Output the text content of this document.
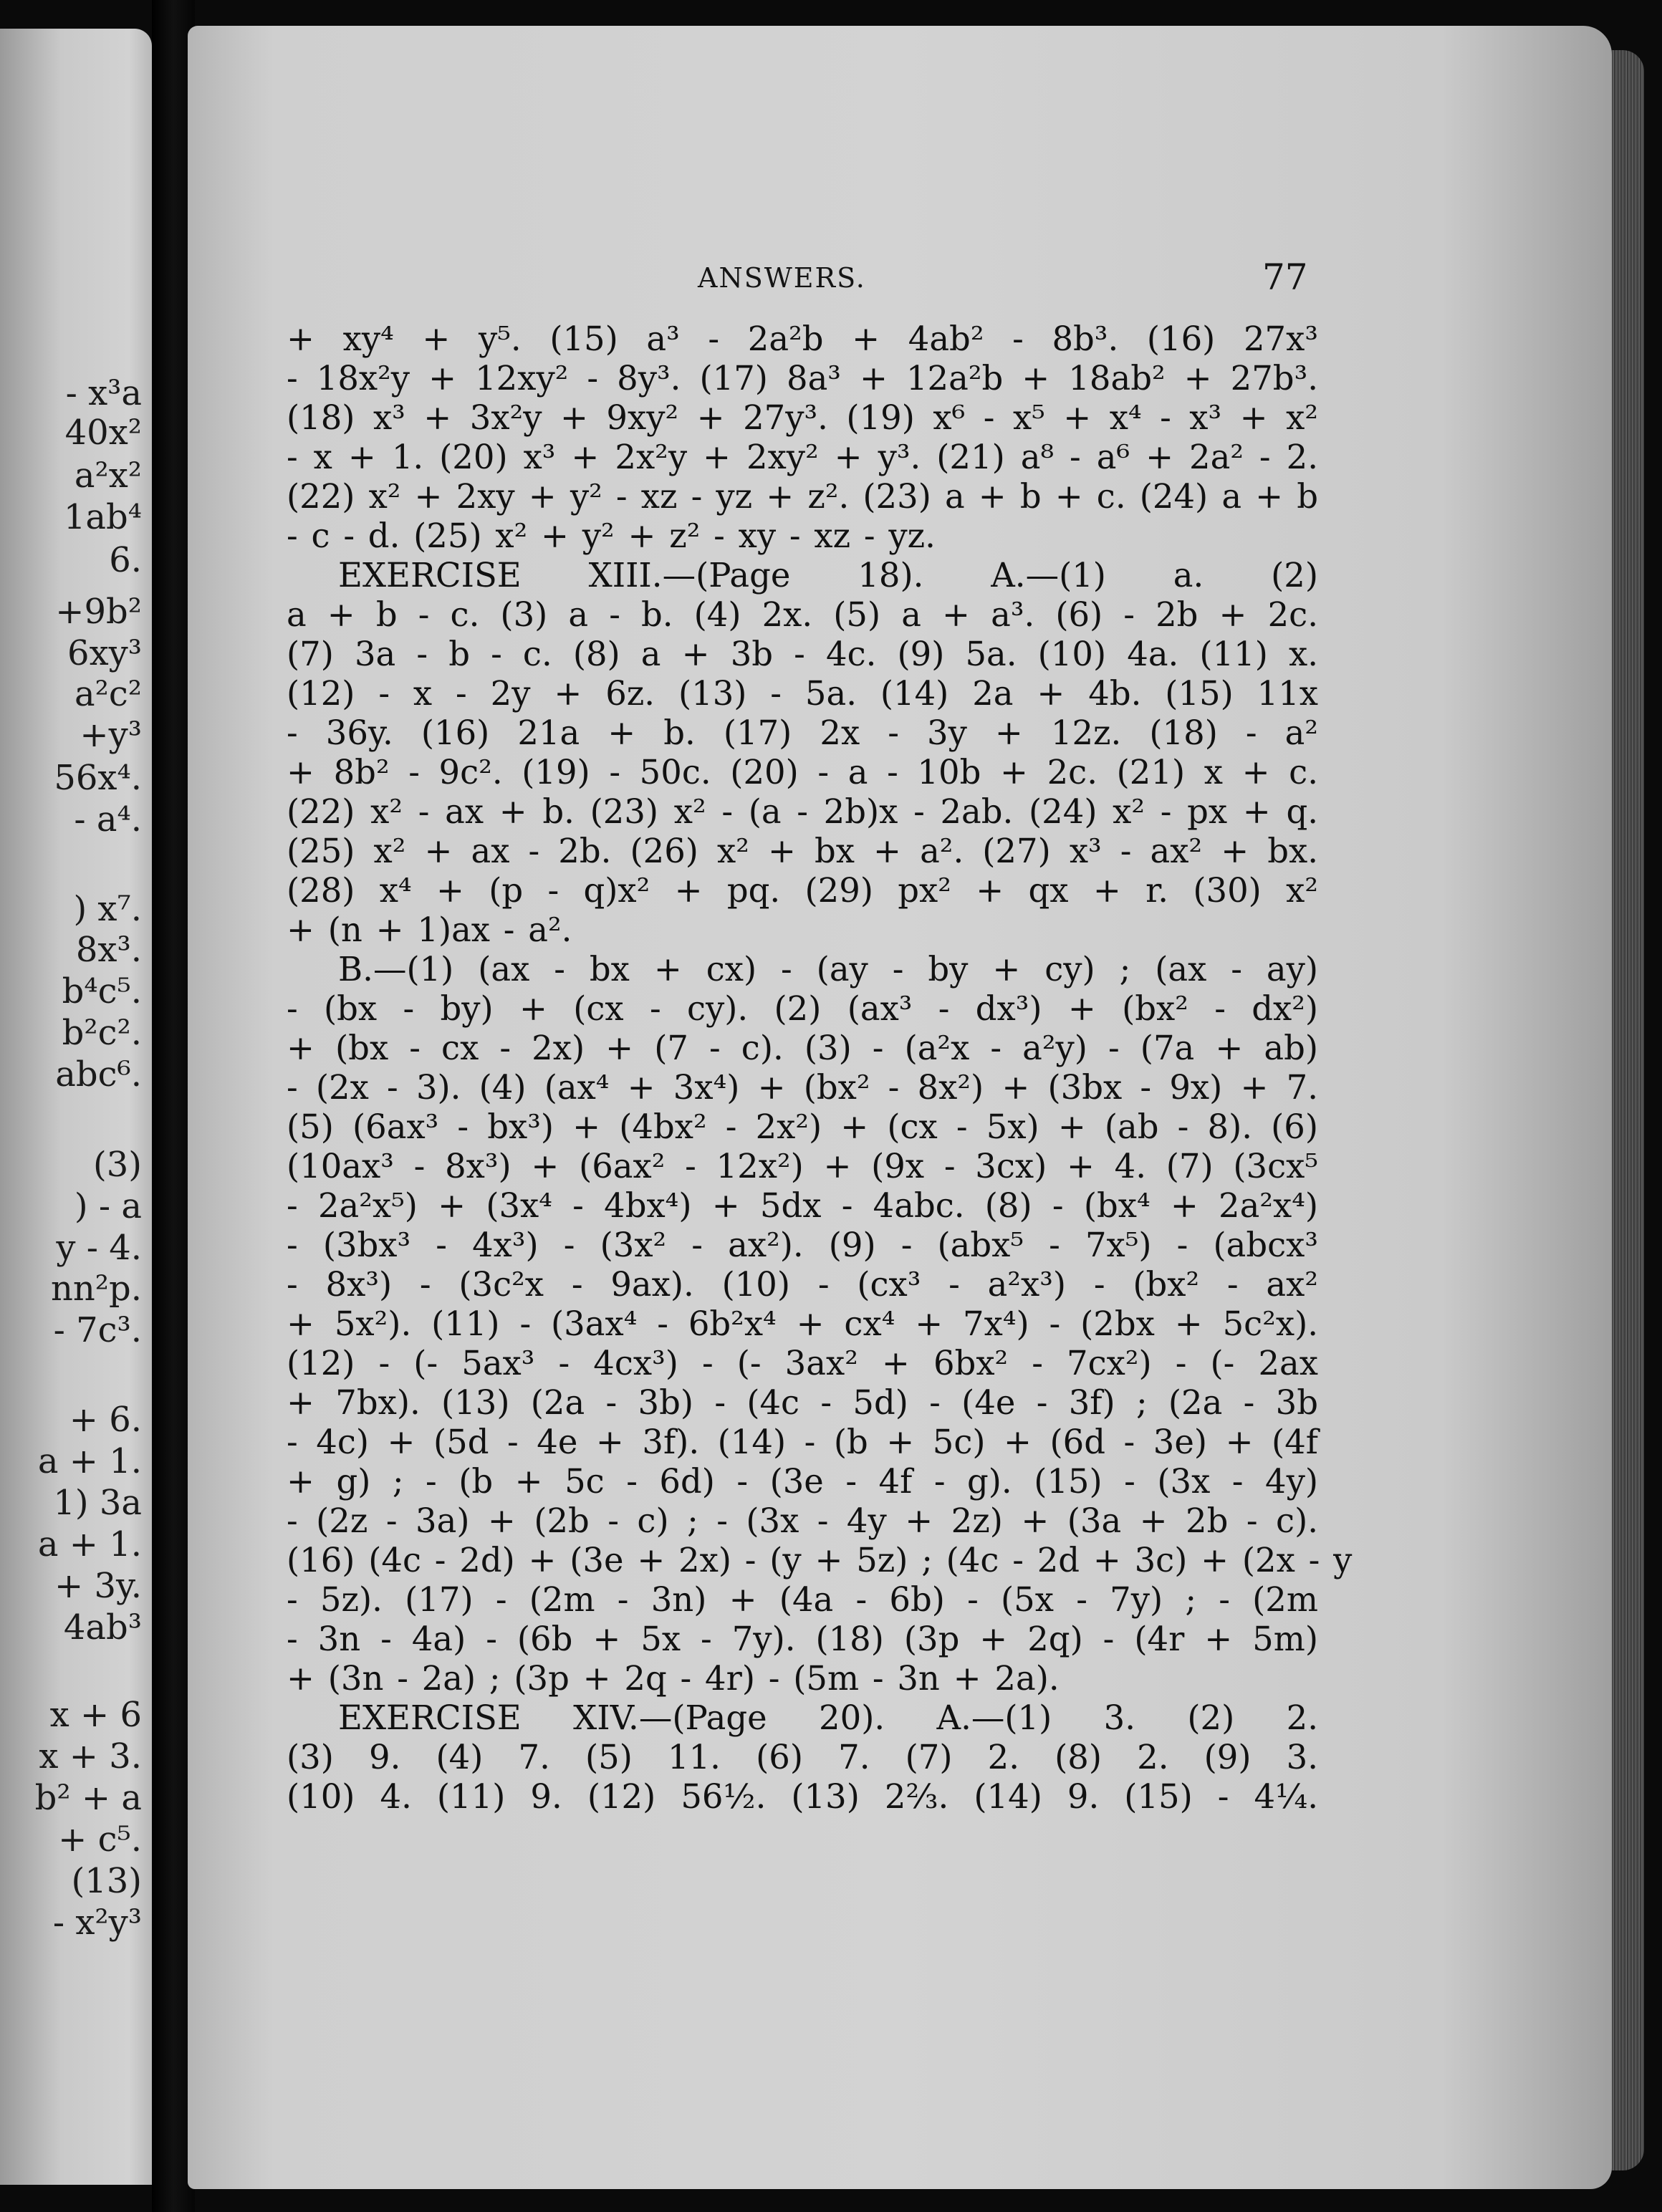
- x³a
40x²
a²x²
1ab⁴
6.
+9b²
6xy³
a²c²
+y³
56x⁴.
- a⁴.
) x⁷.
8x³.
b⁴c⁵.
b²c².
abc⁶.
(3)
) - a
y - 4.
nn²p.
- 7c³.
+ 6.
a + 1.
1) 3a
a + 1.
+ 3y.
4ab³
x + 6
x + 3.
b² + a
+ c⁵.
(13)
- x²y³
ANSWERS.	77
+ xy⁴ + y⁵. (15) a³ - 2a²b + 4ab² - 8b³. (16) 27x³
- 18x²y + 12xy² - 8y³. (17) 8a³ + 12a²b + 18ab² + 27b³.
(18) x³ + 3x²y + 9xy² + 27y³. (19) x⁶ - x⁵ + x⁴ - x³ + x²
- x + 1. (20) x³ + 2x²y + 2xy² + y³. (21) a⁸ - a⁶ + 2a² - 2.
(22) x² + 2xy + y² - xz - yz + z². (23) a + b + c. (24) a + b
- c - d. (25) x² + y² + z² - xy - xz - yz.
EXERCISE XIII.—(Page 18). A.—(1) a. (2)
a + b - c. (3) a - b. (4) 2x. (5) a + a³. (6) - 2b + 2c.
(7) 3a - b - c. (8) a + 3b - 4c. (9) 5a. (10) 4a. (11) x.
(12) - x - 2y + 6z. (13) - 5a. (14) 2a + 4b. (15) 11x
- 36y. (16) 21a + b. (17) 2x - 3y + 12z. (18) - a²
+ 8b² - 9c². (19) - 50c. (20) - a - 10b + 2c. (21) x + c.
(22) x² - ax + b. (23) x² - (a - 2b)x - 2ab. (24) x² - px + q.
(25) x² + ax - 2b. (26) x² + bx + a². (27) x³ - ax² + bx.
(28) x⁴ + (p - q)x² + pq. (29) px² + qx + r. (30) x²
+ (n + 1)ax - a².
B.—(1) (ax - bx + cx) - (ay - by + cy) ; (ax - ay)
- (bx - by) + (cx - cy). (2) (ax³ - dx³) + (bx² - dx²)
+ (bx - cx - 2x) + (7 - c). (3) - (a²x - a²y) - (7a + ab)
- (2x - 3). (4) (ax⁴ + 3x⁴) + (bx² - 8x²) + (3bx - 9x) + 7.
(5) (6ax³ - bx³) + (4bx² - 2x²) + (cx - 5x) + (ab - 8). (6)
(10ax³ - 8x³) + (6ax² - 12x²) + (9x - 3cx) + 4. (7) (3cx⁵
- 2a²x⁵) + (3x⁴ - 4bx⁴) + 5dx - 4abc. (8) - (bx⁴ + 2a²x⁴)
- (3bx³ - 4x³) - (3x² - ax²). (9) - (abx⁵ - 7x⁵) - (abcx³
- 8x³) - (3c²x - 9ax). (10) - (cx³ - a²x³) - (bx² - ax²
+ 5x²). (11) - (3ax⁴ - 6b²x⁴ + cx⁴ + 7x⁴) - (2bx + 5c²x).
(12) - (- 5ax³ - 4cx³) - (- 3ax² + 6bx² - 7cx²) - (- 2ax
+ 7bx). (13) (2a - 3b) - (4c - 5d) - (4e - 3f) ; (2a - 3b
- 4c) + (5d - 4e + 3f). (14) - (b + 5c) + (6d - 3e) + (4f
+ g) ; - (b + 5c - 6d) - (3e - 4f - g). (15) - (3x - 4y)
- (2z - 3a) + (2b - c) ; - (3x - 4y + 2z) + (3a + 2b - c).
(16) (4c - 2d) + (3e + 2x) - (y + 5z) ; (4c - 2d + 3c) + (2x - y
- 5z). (17) - (2m - 3n) + (4a - 6b) - (5x - 7y) ; - (2m
- 3n - 4a) - (6b + 5x - 7y). (18) (3p + 2q) - (4r + 5m)
+ (3n - 2a) ; (3p + 2q - 4r) - (5m - 3n + 2a).
EXERCISE XIV.—(Page 20). A.—(1) 3. (2) 2.
(3) 9. (4) 7. (5) 11. (6) 7. (7) 2. (8) 2. (9) 3.
(10) 4. (11) 9. (12) 56½. (13) 2⅔. (14) 9. (15) - 4¼.
